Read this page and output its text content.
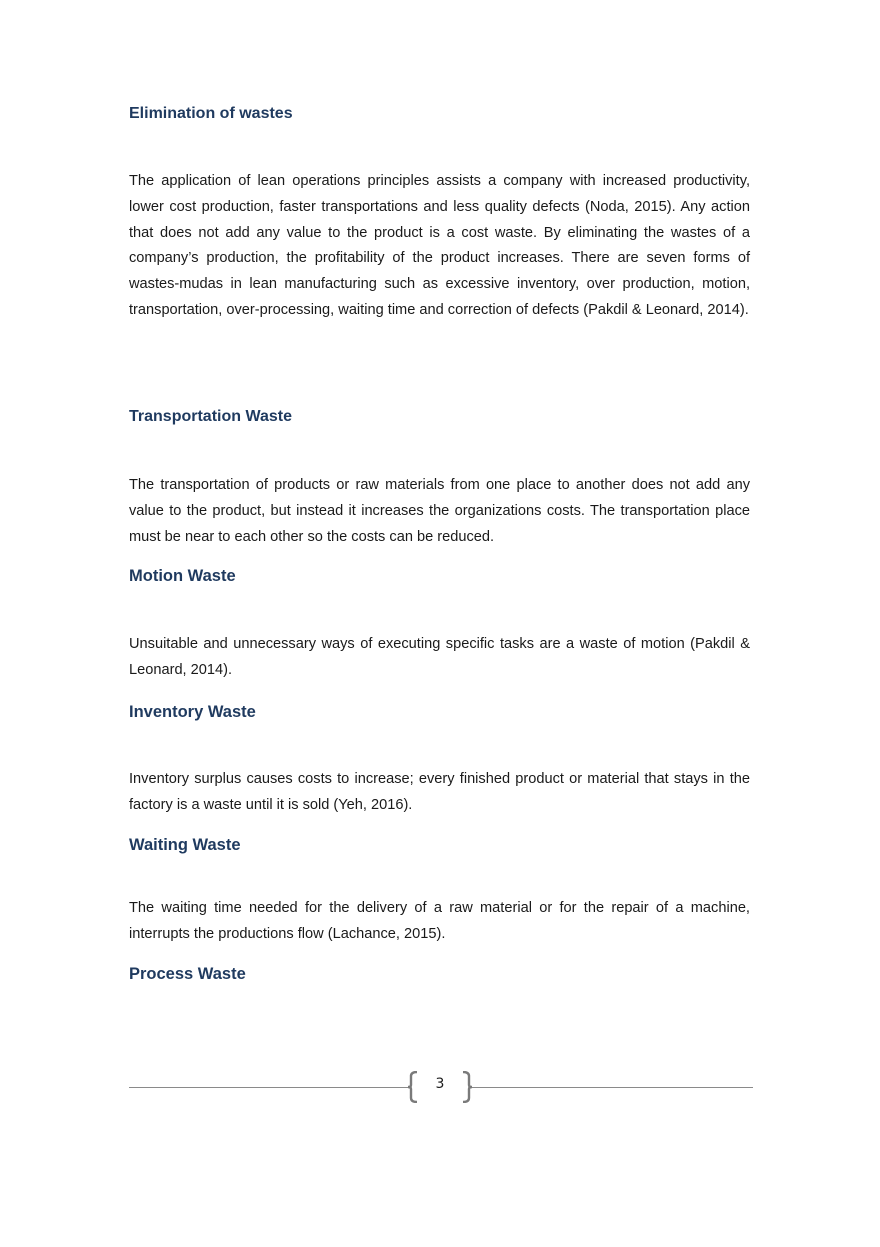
Elimination of wastes

The application of lean operations principles assists a company with increased productivity, lower cost production, faster transportations and less quality defects (Noda, 2015). Any action that does not add any value to the product is a cost waste. By eliminating the wastes of a company’s production, the profitability of the product increases. There are seven forms of wastes-mudas in lean manufacturing such as excessive inventory, over production, motion, transportation, over-processing, waiting time and correction of defects (Pakdil & Leonard, 2014).

Transportation Waste

The transportation of products or raw materials from one place to another does not add any value to the product, but instead it increases the organizations costs. The transportation place must be near to each other so the costs can be reduced.

Motion Waste

Unsuitable and unnecessary ways of executing specific tasks are a waste of motion (Pakdil & Leonard, 2014).

Inventory Waste

Inventory surplus causes costs to increase; every finished product or material that stays in the factory is a waste until it is sold (Yeh, 2016).

Waiting Waste

The waiting time needed for the delivery of a raw material or for the repair of a machine, interrupts the productions flow (Lachance, 2015).

Process Waste
3
